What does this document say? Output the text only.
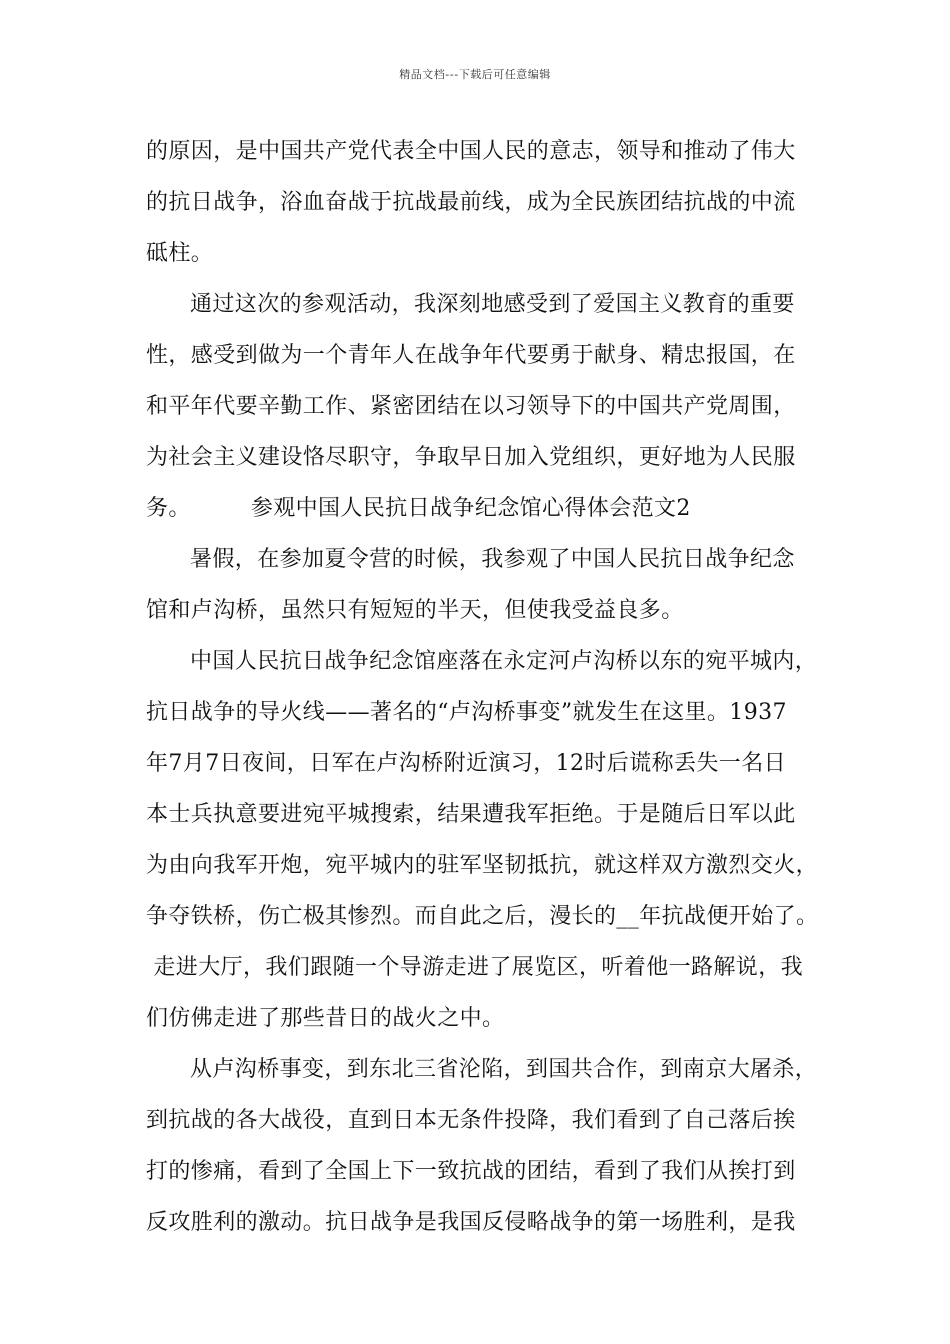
精品文档---下载后可任意编辑
的原因，是中国共产党代表全中国人民的意志，领导和推动了伟大
的抗日战争，浴血奋战于抗战最前线，成为全民族团结抗战的中流
砥柱。
通过这次的参观活动，我深刻地感受到了爱国主义教育的重要
性，感受到做为一个青年人在战争年代要勇于献身、精忠报国，在
和平年代要辛勤工作、紧密团结在以习领导下的中国共产党周围，
为社会主义建设恪尽职守，争取早日加入党组织，更好地为人民服
务。	参观中国人民抗日战争纪念馆心得体会范文2
暑假，在参加夏令营的时候，我参观了中国人民抗日战争纪念
馆和卢沟桥，虽然只有短短的半天，但使我受益良多。
中国人民抗日战争纪念馆座落在永定河卢沟桥以东的宛平城内，
抗日战争的导火线——著名的“卢沟桥事变”就发生在这里。1937
年7月7日夜间，日军在卢沟桥附近演习，12时后谎称丢失一名日
本士兵执意要进宛平城搜索，结果遭我军拒绝。于是随后日军以此
为由向我军开炮，宛平城内的驻军坚韧抵抗，就这样双方激烈交火，
争夺铁桥，伤亡极其惨烈。而自此之后，漫长的__年抗战便开始了。
走进大厅，我们跟随一个导游走进了展览区，听着他一路解说，我
们仿佛走进了那些昔日的战火之中。
从卢沟桥事变，到东北三省沦陷，到国共合作，到南京大屠杀，
到抗战的各大战役，直到日本无条件投降，我们看到了自己落后挨
打的惨痛，看到了全国上下一致抗战的团结，看到了我们从挨打到
反攻胜利的激动。抗日战争是我国反侵略战争的第一场胜利，是我
